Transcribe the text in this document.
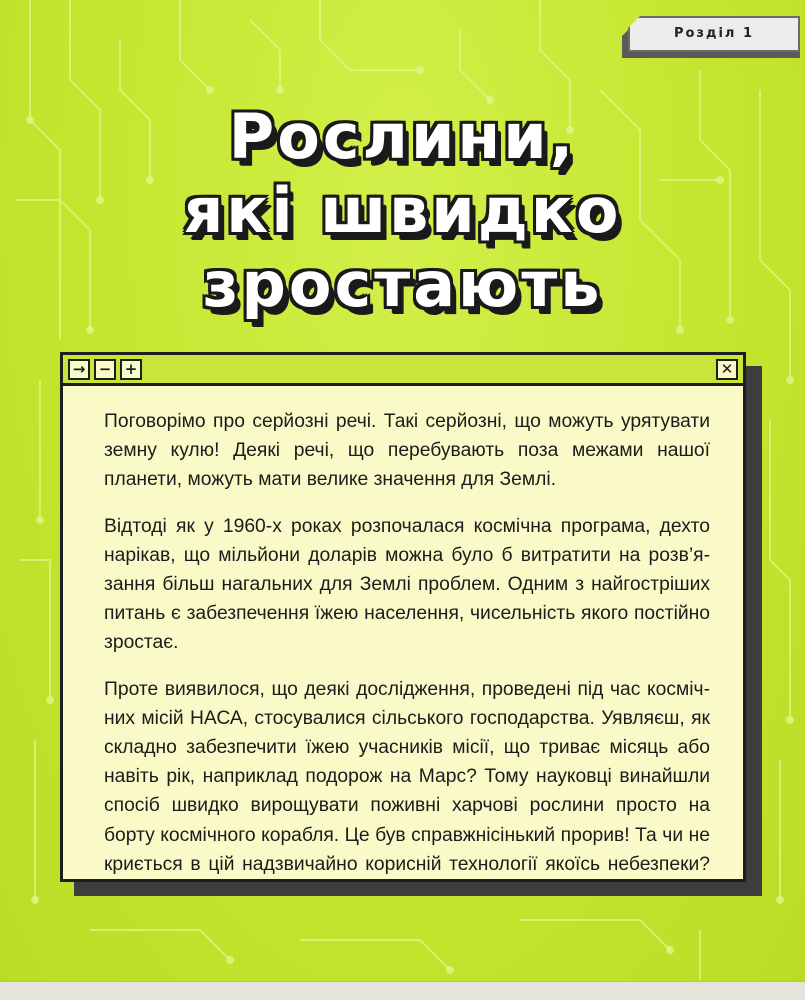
Розділ 1
Рослини,
які швидко
зростають
→ − +	✕

Поговорімо про серйозні речі. Такі серйозні, що можуть урятувати
земну кулю! Деякі речі, що перебувають поза межами нашої
планети, можуть мати велике значення для Землі.

Відтоді як у 1960-х роках розпочалася космічна програма, дехто
нарікав, що мільйони доларів можна було б витратити на розв’я-
зання більш нагальних для Землі проблем. Одним з найгостріших
питань є забезпечення їжею населення, чисельність якого постійно
зростає.

Проте виявилося, що деякі дослідження, проведені під час косміч-
них місій НАСА, стосувалися сільського господарства. Уявляєш, як
складно забезпечити їжею учасників місії, що триває місяць або
навіть рік, наприклад подорож на Марс? Тому науковці винайшли
спосіб швидко вирощувати поживні харчові рослини просто на
борту космічного корабля. Це був справжнісінький прорив! Та чи не
криється в цій надзвичайно корисній технології якоїсь небезпеки?
